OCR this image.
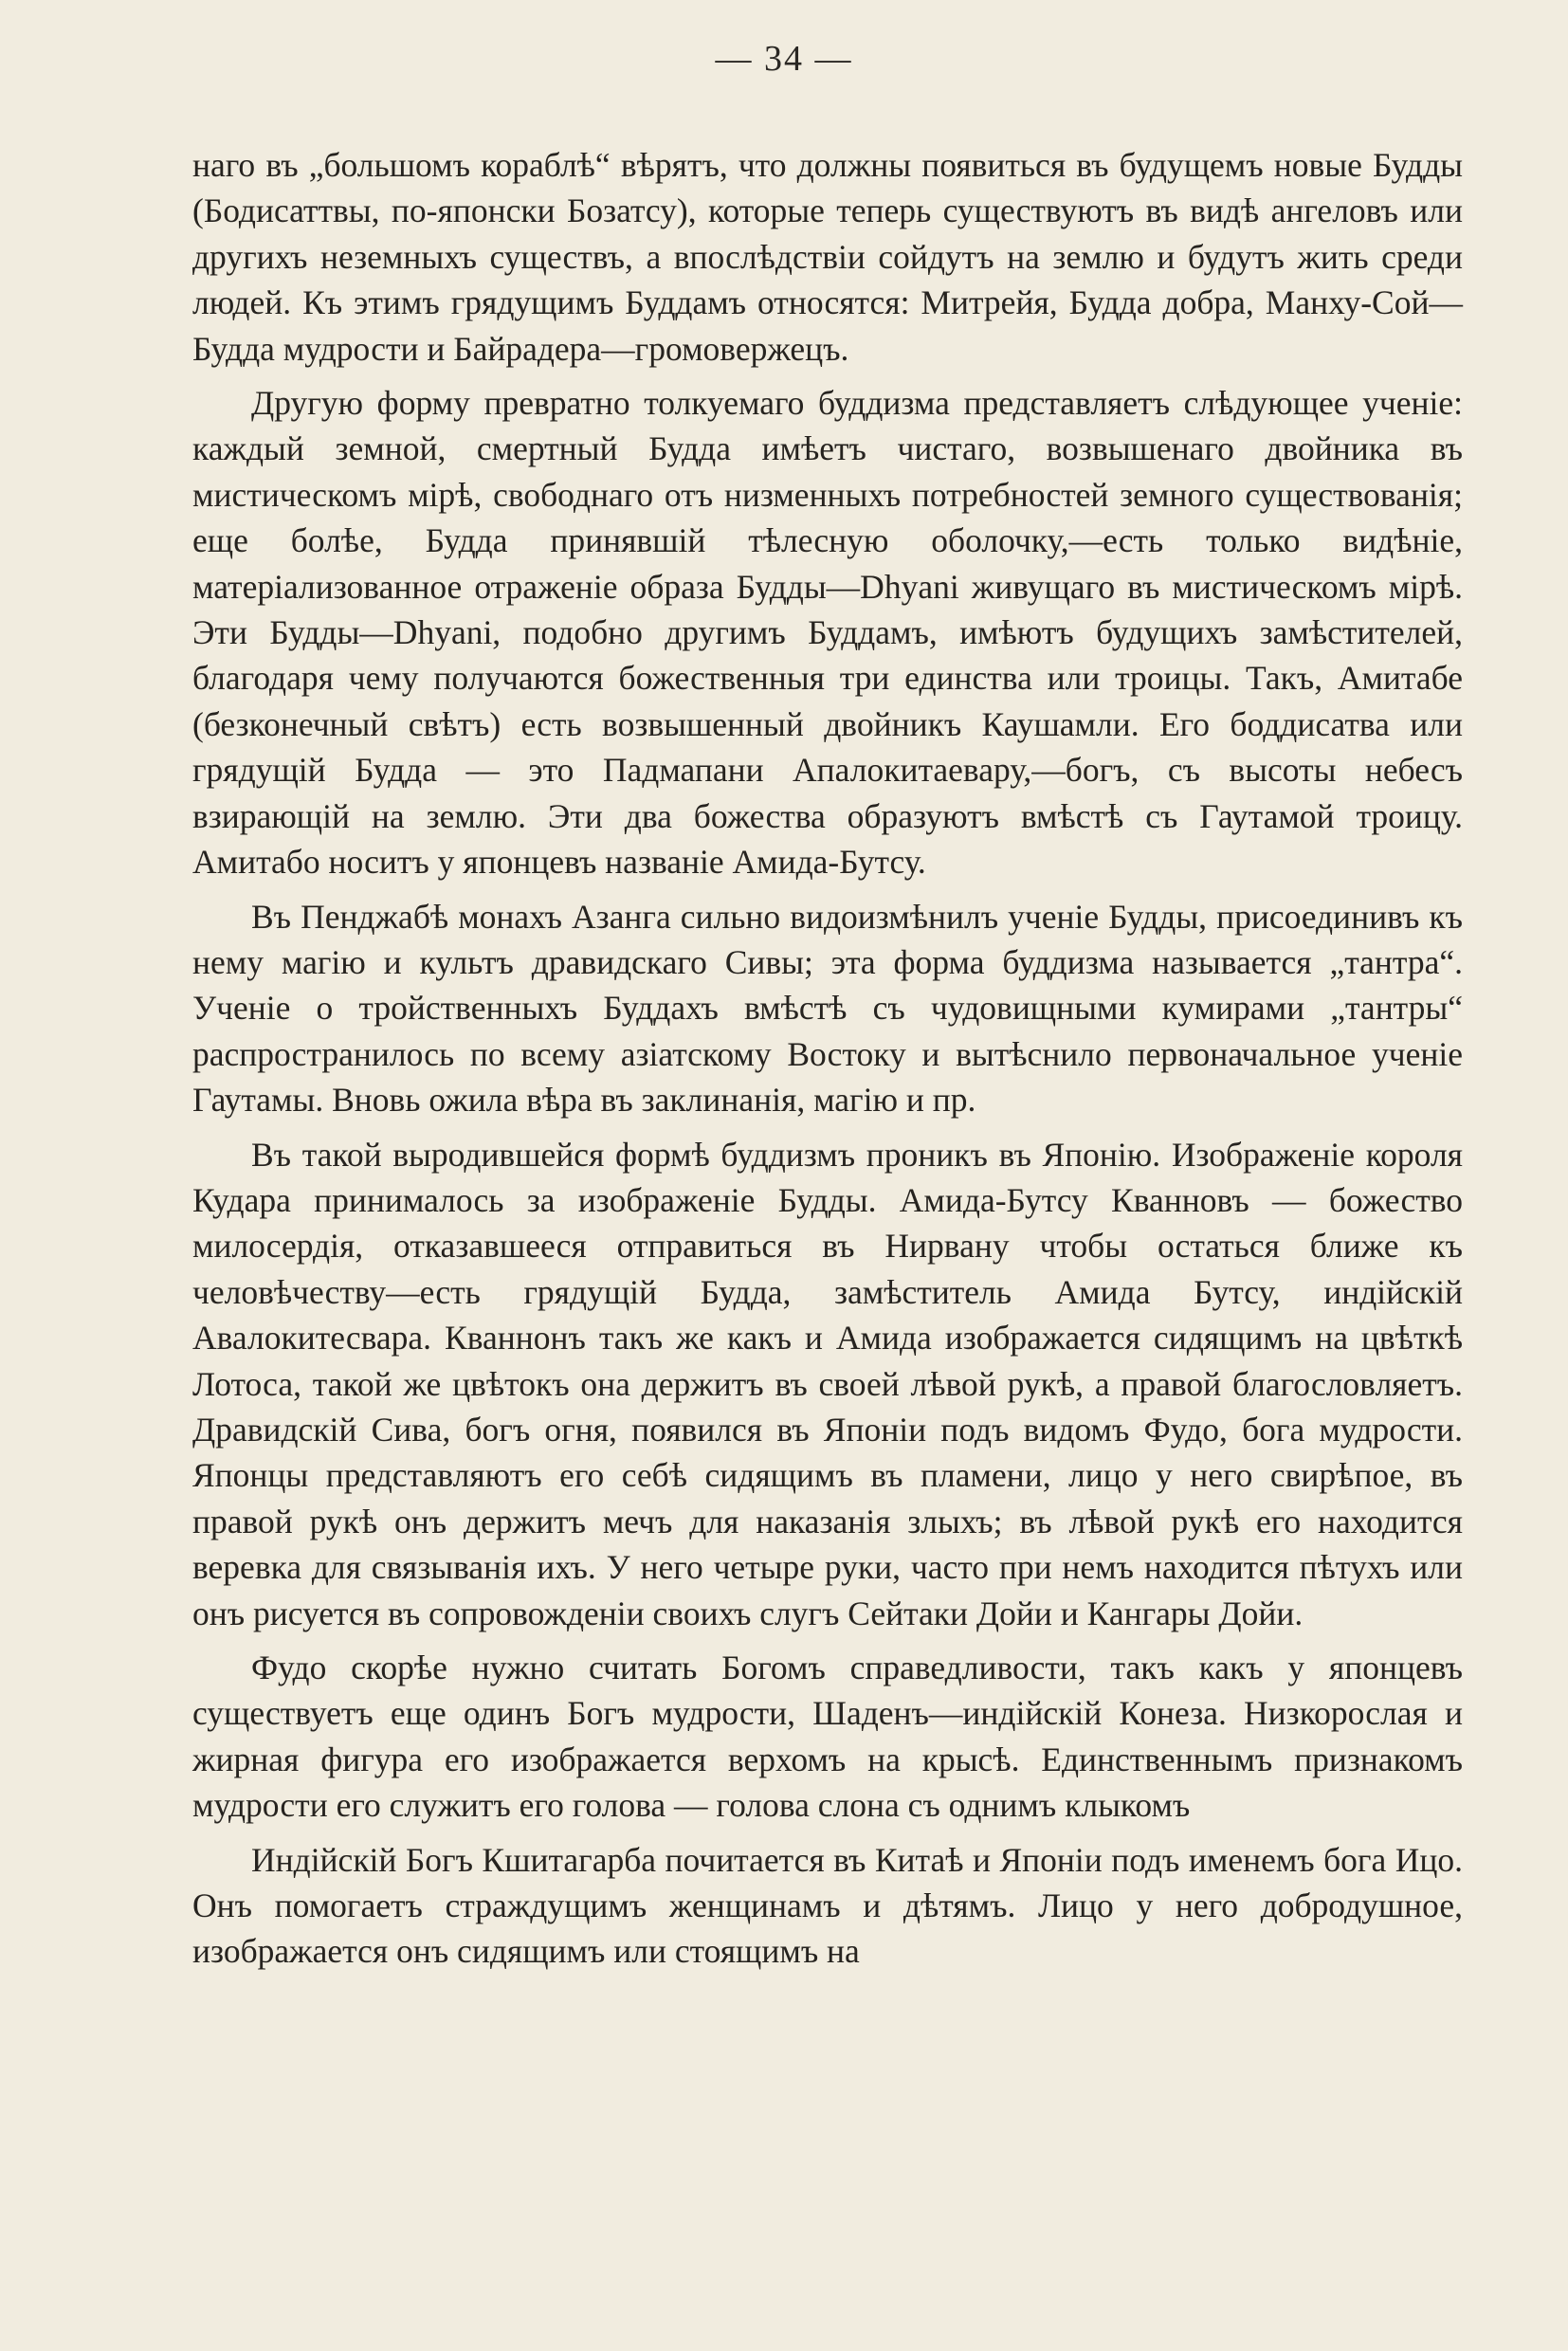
— 34 —

наго въ „большомъ кораблѣ“ вѣрятъ, что должны появиться въ будущемъ новые Будды (Бодисаттвы, по-японски Бозатсу), которые теперь существуютъ въ видѣ ангеловъ или другихъ неземныхъ существъ, а впослѣдствіи сойдутъ на землю и будутъ жить среди людей. Къ этимъ грядущимъ Буддамъ относятся: Митрейя, Будда добра, Манху-Сой—Будда мудрости и Байрадера—громовержецъ.

Другую форму превратно толкуемаго буддизма представляетъ слѣдующее ученіе: каждый земной, смертный Будда имѣетъ чистаго, возвышенаго двойника въ мистическомъ мірѣ, свободнаго отъ низменныхъ потребностей земного существованія; еще болѣе, Будда принявшій тѣлесную оболочку,—есть только видѣніе, матеріализованное отраженіе образа Будды—Dhyani живущаго въ мистическомъ мірѣ. Эти Будды—Dhyani, подобно другимъ Буддамъ, имѣютъ будущихъ замѣстителей, благодаря чему получаются божественныя три единства или троицы. Такъ, Амитабе (безконечный свѣтъ) есть возвышенный двойникъ Каушамли. Его боддисатва или грядущій Будда — это Падмапани Апалокитаевару,—богъ, съ высоты небесъ взирающій на землю. Эти два божества образуютъ вмѣстѣ съ Гаутамой троицу. Амитабо носитъ у японцевъ названіе Амида-Бутсу.

Въ Пенджабѣ монахъ Азанга сильно видоизмѣнилъ ученіе Будды, присоединивъ къ нему магію и культъ дравидскаго Сивы; эта форма буддизма называется „тантра“. Ученіе о тройственныхъ Буддахъ вмѣстѣ съ чудовищными кумирами „тантры“ распространилось по всему азіатскому Востоку и вытѣснило первоначальное ученіе Гаутамы. Вновь ожила вѣра въ заклинанія, магію и пр.

Въ такой выродившейся формѣ буддизмъ проникъ въ Японію. Изображеніе короля Кудара принималось за изображеніе Будды. Амида-Бутсу Кванновъ — божество милосердія, отказавшееся отправиться въ Нирвану чтобы остаться ближе къ человѣчеству—есть грядущій Будда, замѣститель Амида Бутсу, индійскій Авалокитесвара. Кваннонъ такъ же какъ и Амида изображается сидящимъ на цвѣткѣ Лотоса, такой же цвѣтокъ она держитъ въ своей лѣвой рукѣ, а правой благословляетъ. Дравидскій Сива, богъ огня, появился въ Японіи подъ видомъ Фудо, бога мудрости. Японцы представляютъ его себѣ сидящимъ въ пламени, лицо у него свирѣпое, въ правой рукѣ онъ держитъ мечъ для наказанія злыхъ; въ лѣвой рукѣ его находится веревка для связыванія ихъ. У него четыре руки, часто при немъ находится пѣтухъ или онъ рисуется въ сопровожденіи своихъ слугъ Сейтаки Дойи и Кангары Дойи.

Фудо скорѣе нужно считать Богомъ справедливости, такъ какъ у японцевъ существуетъ еще одинъ Богъ мудрости, Шаденъ—индійскій Конеза. Низкорослая и жирная фигура его изображается верхомъ на крысѣ. Единственнымъ признакомъ мудрости его служитъ его голова — голова слона съ однимъ клыкомъ

Индійскій Богъ Кшитагарба почитается въ Китаѣ и Японіи подъ именемъ бога Ицо. Онъ помогаетъ страждущимъ женщинамъ и дѣтямъ. Лицо у него добродушное, изображается онъ сидящимъ или стоящимъ на
